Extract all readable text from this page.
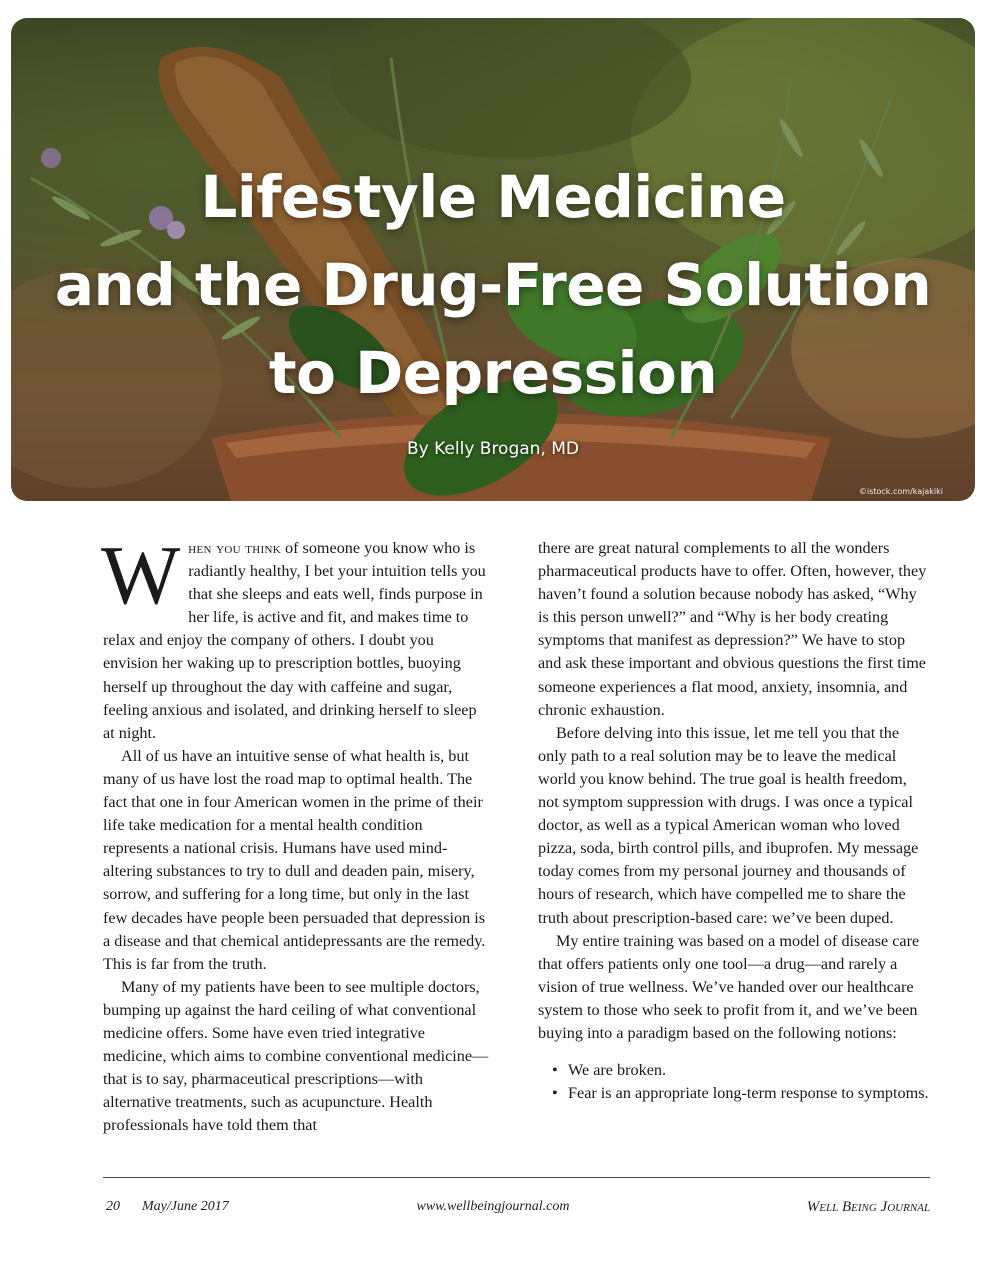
Lifestyle Medicine
and the Drug-Free Solution
to Depression
By Kelly Brogan, MD
©istock.com/kajakiki

When you think of someone you know who is radiantly healthy, I bet your intuition tells you that she sleeps and eats well, finds purpose in her life, is active and fit, and makes time to relax and enjoy the company of others. I doubt you envision her waking up to prescription bottles, buoying herself up throughout the day with caffeine and sugar, feeling anxious and isolated, and drinking herself to sleep at night.

All of us have an intuitive sense of what health is, but many of us have lost the road map to optimal health. The fact that one in four American women in the prime of their life take medication for a mental health condition represents a national crisis. Humans have used mind-altering substances to try to dull and deaden pain, misery, sorrow, and suffering for a long time, but only in the last few decades have people been persuaded that depression is a disease and that chemical antidepressants are the remedy. This is far from the truth.

Many of my patients have been to see multiple doctors, bumping up against the hard ceiling of what conventional medicine offers. Some have even tried integrative medicine, which aims to combine conventional medicine—that is to say, pharmaceutical prescriptions—with alternative treatments, such as acupuncture. Health professionals have told them that

there are great natural complements to all the wonders pharmaceutical products have to offer. Often, however, they haven’t found a solution because nobody has asked, “Why is this person unwell?” and “Why is her body creating symptoms that manifest as depression?” We have to stop and ask these important and obvious questions the first time someone experiences a flat mood, anxiety, insomnia, and chronic exhaustion.

Before delving into this issue, let me tell you that the only path to a real solution may be to leave the medical world you know behind. The true goal is health freedom, not symptom suppression with drugs. I was once a typical doctor, as well as a typical American woman who loved pizza, soda, birth control pills, and ibuprofen. My message today comes from my personal journey and thousands of hours of research, which have compelled me to share the truth about prescription-based care: we’ve been duped.

My entire training was based on a model of disease care that offers patients only one tool—a drug—and rarely a vision of true wellness. We’ve handed over our healthcare system to those who seek to profit from it, and we’ve been buying into a paradigm based on the following notions:

• We are broken.
• Fear is an appropriate long-term response to symptoms.
20 May/June 2017	www.wellbeingjournal.com	Well Being Journal
